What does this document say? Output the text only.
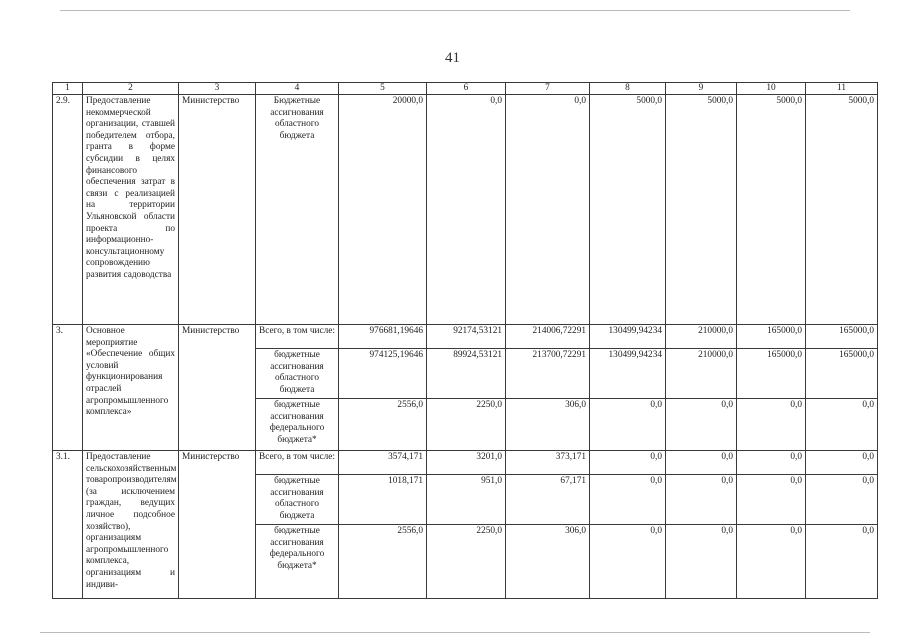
41
1	2	3	4	5	6	7	8	9	10	11
2.9.	Предоставление некоммерческой организации, ставшей победителем отбора, гранта в форме субсидии в целях финансового обеспечения затрат в связи с реализацией на территории Ульяновской области проекта по информационно-консультационному сопровождению развития садоводства	Министерство	Бюджетные ассигнования областного бюджета	20000,0	0,0	0,0	5000,0	5000,0	5000,0	5000,0
3.	Основное мероприятие «Обеспечение общих условий функционирования отраслей агропромышленного комплекса»	Министерство	Всего, в том числе:	976681,19646	92174,53121	214006,72291	130499,94234	210000,0	165000,0	165000,0
			бюджетные ассигнования областного бюджета	974125,19646	89924,53121	213700,72291	130499,94234	210000,0	165000,0	165000,0
			бюджетные ассигнования федерального бюджета*	2556,0	2250,0	306,0	0,0	0,0	0,0	0,0
3.1.	Предоставление сельскохозяйственным товаропроизводителям (за исключением граждан, ведущих личное подсобное хозяйство), организациям агропромышленного комплекса, организациям и индиви-	Министерство	Всего, в том числе:	3574,171	3201,0	373,171	0,0	0,0	0,0	0,0
			бюджетные ассигнования областного бюджета	1018,171	951,0	67,171	0,0	0,0	0,0	0,0
			бюджетные ассигнования федерального бюджета*	2556,0	2250,0	306,0	0,0	0,0	0,0	0,0
